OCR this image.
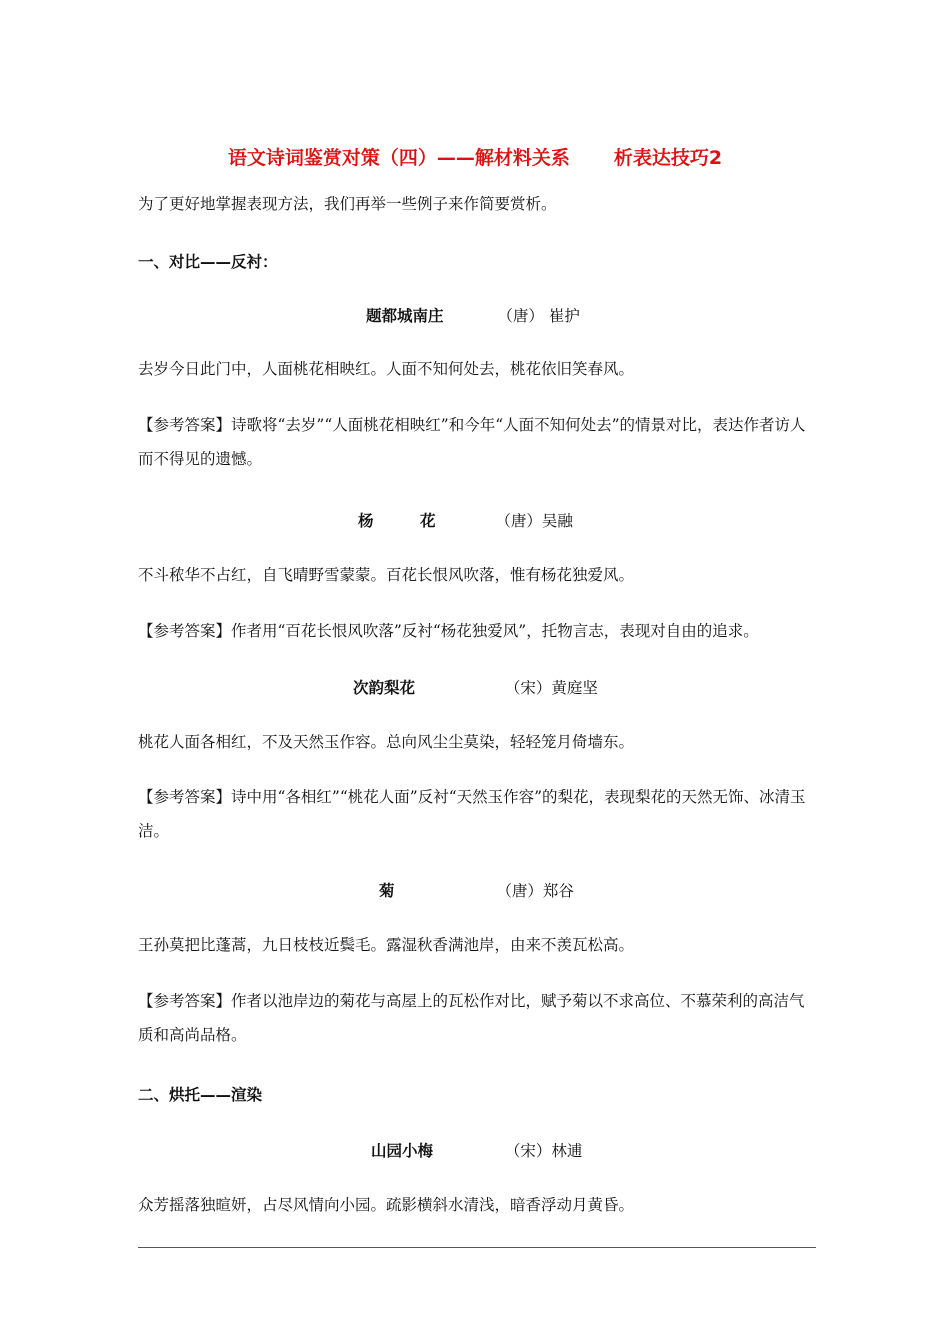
语文诗词鉴赏对策（四）——解材料关系 析表达技巧2
为了更好地掌握表现方法，我们再举一些例子来作简要赏析。
一、对比——反衬：
题都城南庄	（唐） 崔护
去岁今日此门中，人面桃花相映红。人面不知何处去，桃花依旧笑春风。
【参考答案】诗歌将“去岁”“人面桃花相映红”和今年“人面不知何处去”的情景对比，表达作者访人而不得见的遗憾。
杨　　　花	（唐）吴融
不斗秾华不占红，自飞晴野雪蒙蒙。百花长恨风吹落，惟有杨花独爱风。
【参考答案】作者用“百花长恨风吹落”反衬“杨花独爱风”，托物言志，表现对自由的追求。
次韵梨花	（宋）黄庭坚
桃花人面各相红，不及天然玉作容。总向风尘尘莫染，轻轻笼月倚墙东。
【参考答案】诗中用“各相红”“桃花人面”反衬“天然玉作容”的梨花，表现梨花的天然无饰、冰清玉洁。
菊	（唐）郑谷
王孙莫把比蓬蒿，九日枝枝近鬓毛。露湿秋香满池岸，由来不羡瓦松高。
【参考答案】作者以池岸边的菊花与高屋上的瓦松作对比，赋予菊以不求高位、不慕荣利的高洁气质和高尚品格。
二、烘托——渲染
山园小梅	（宋）林逋
众芳摇落独暄妍，占尽风情向小园。疏影横斜水清浅，暗香浮动月黄昏。
